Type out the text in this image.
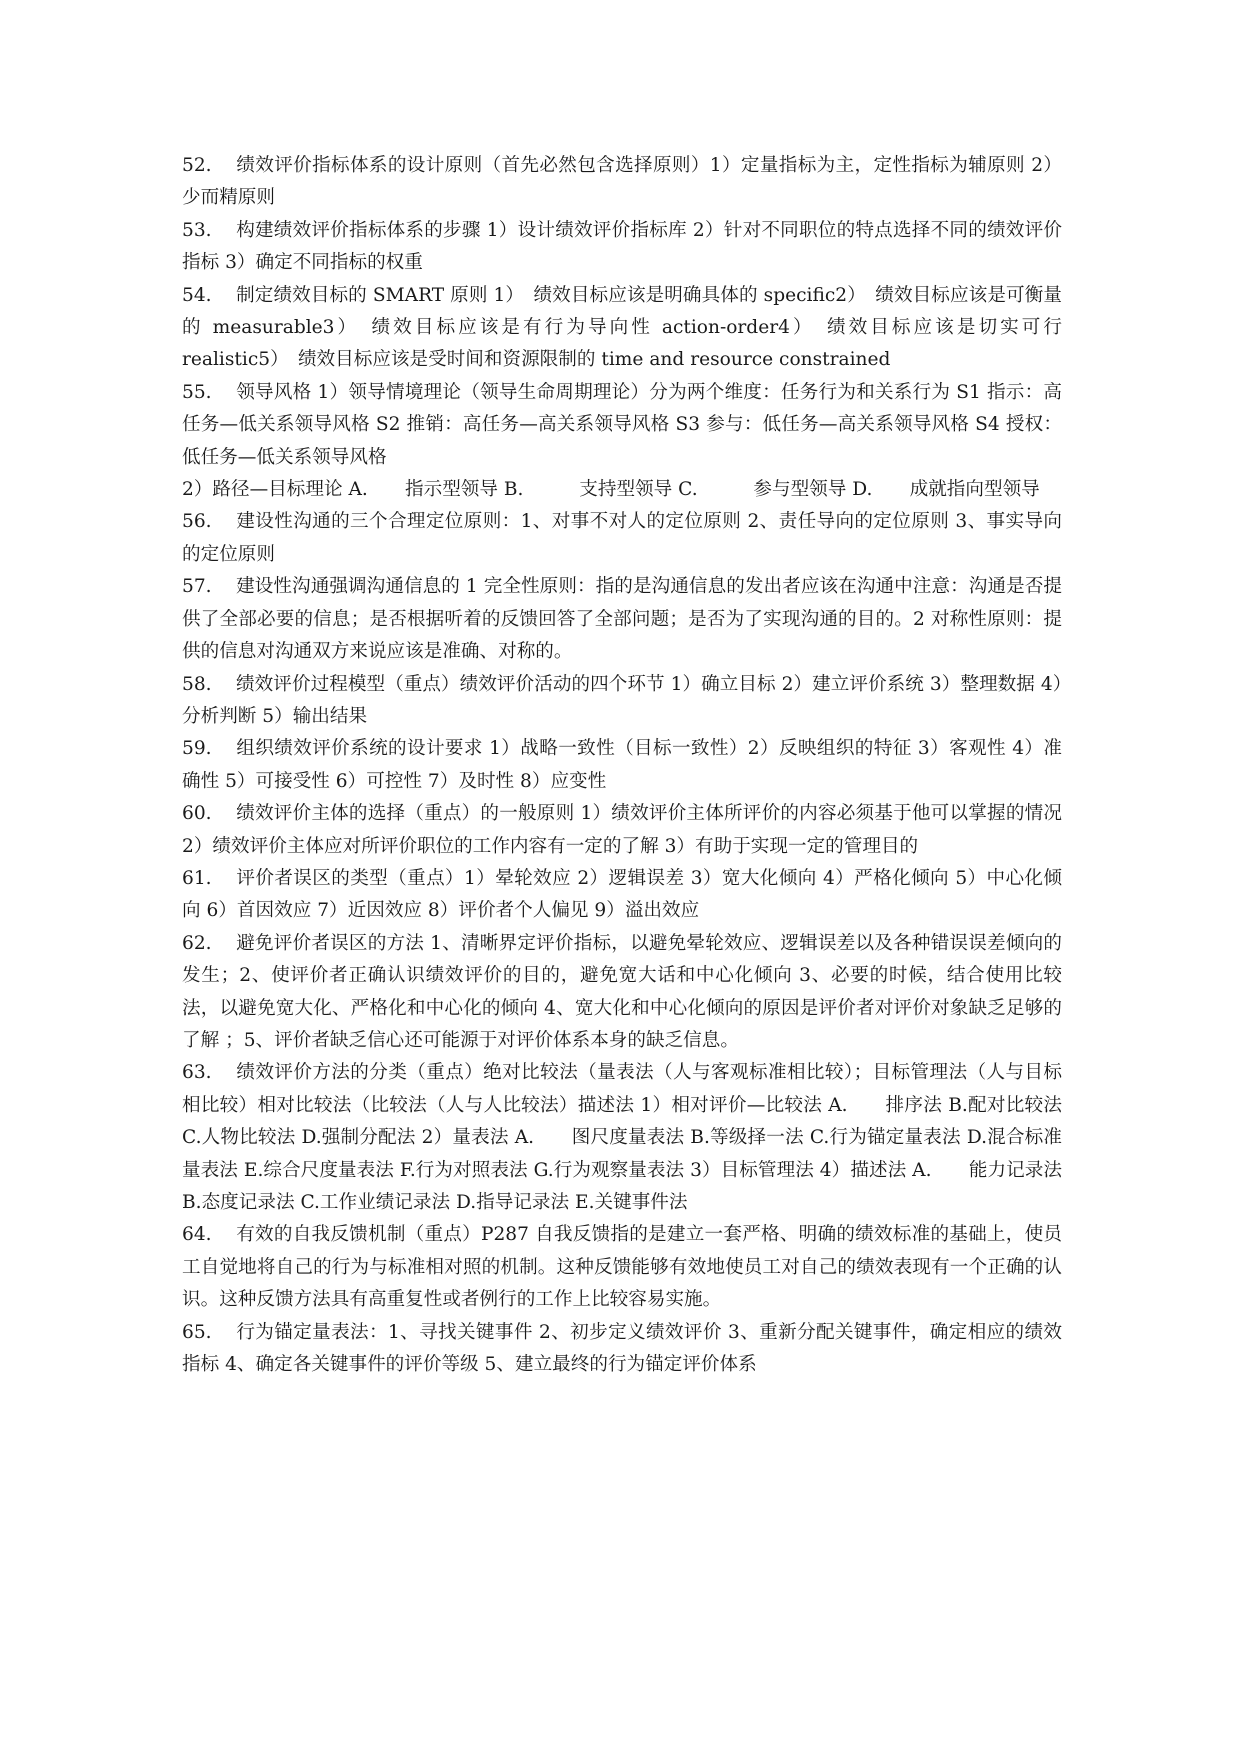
52. 绩效评价指标体系的设计原则（首先必然包含选择原则）1）定量指标为主，定性指标为辅原则 2）少而精原则

53. 构建绩效评价指标体系的步骤 1）设计绩效评价指标库 2）针对不同职位的特点选择不同的绩效评价指标 3）确定不同指标的权重

54. 制定绩效目标的 SMART 原则 1）　绩效目标应该是明确具体的 specific2）　绩效目标应该是可衡量的 measurable3）　绩效目标应该是有行为导向性 action-order4）　绩效目标应该是切实可行 realistic5）　绩效目标应该是受时间和资源限制的 time and resource constrained

55. 领导风格 1）领导情境理论（领导生命周期理论）分为两个维度：任务行为和关系行为 S1 指示：高任务—低关系领导风格 S2 推销：高任务—高关系领导风格 S3 参与：低任务—高关系领导风格 S4 授权：低任务—低关系领导风格

2）路径—目标理论 A.　　指示型领导 B.　　　支持型领导 C.　　　参与型领导 D.　　成就指向型领导

56. 建设性沟通的三个合理定位原则：1、对事不对人的定位原则 2、责任导向的定位原则 3、事实导向的定位原则

57. 建设性沟通强调沟通信息的 1 完全性原则：指的是沟通信息的发出者应该在沟通中注意：沟通是否提供了全部必要的信息；是否根据听着的反馈回答了全部问题；是否为了实现沟通的目的。2 对称性原则：提供的信息对沟通双方来说应该是准确、对称的。

58. 绩效评价过程模型（重点）绩效评价活动的四个环节 1）确立目标 2）建立评价系统 3）整理数据 4）分析判断 5）输出结果

59. 组织绩效评价系统的设计要求 1）战略一致性（目标一致性）2）反映组织的特征 3）客观性 4）准确性 5）可接受性 6）可控性 7）及时性 8）应变性

60. 绩效评价主体的选择（重点）的一般原则 1）绩效评价主体所评价的内容必须基于他可以掌握的情况 2）绩效评价主体应对所评价职位的工作内容有一定的了解 3）有助于实现一定的管理目的

61. 评价者误区的类型（重点）1）晕轮效应 2）逻辑误差 3）宽大化倾向 4）严格化倾向 5）中心化倾向 6）首因效应 7）近因效应 8）评价者个人偏见 9）溢出效应

62. 避免评价者误区的方法 1、清晰界定评价指标，以避免晕轮效应、逻辑误差以及各种错误误差倾向的发生；2、使评价者正确认识绩效评价的目的，避免宽大话和中心化倾向 3、必要的时候，结合使用比较法，以避免宽大化、严格化和中心化的倾向 4、宽大化和中心化倾向的原因是评价者对评价对象缺乏足够的了解 ；5、评价者缺乏信心还可能源于对评价体系本身的缺乏信息。

63. 绩效评价方法的分类（重点）绝对比较法（量表法（人与客观标准相比较）；目标管理法（人与目标相比较）相对比较法（比较法（人与人比较法）描述法 1）相对评价—比较法 A.　　排序法 B.配对比较法 C.人物比较法 D.强制分配法 2）量表法 A.　　图尺度量表法 B.等级择一法 C.行为锚定量表法 D.混合标准量表法 E.综合尺度量表法 F.行为对照表法 G.行为观察量表法 3）目标管理法 4）描述法 A.　　能力记录法 B.态度记录法 C.工作业绩记录法 D.指导记录法 E.关键事件法

64. 有效的自我反馈机制（重点）P287 自我反馈指的是建立一套严格、明确的绩效标准的基础上，使员工自觉地将自己的行为与标准相对照的机制。这种反馈能够有效地使员工对自己的绩效表现有一个正确的认识。这种反馈方法具有高重复性或者例行的工作上比较容易实施。

65. 行为锚定量表法：1、寻找关键事件 2、初步定义绩效评价 3、重新分配关键事件，确定相应的绩效指标 4、确定各关键事件的评价等级 5、建立最终的行为锚定评价体系
